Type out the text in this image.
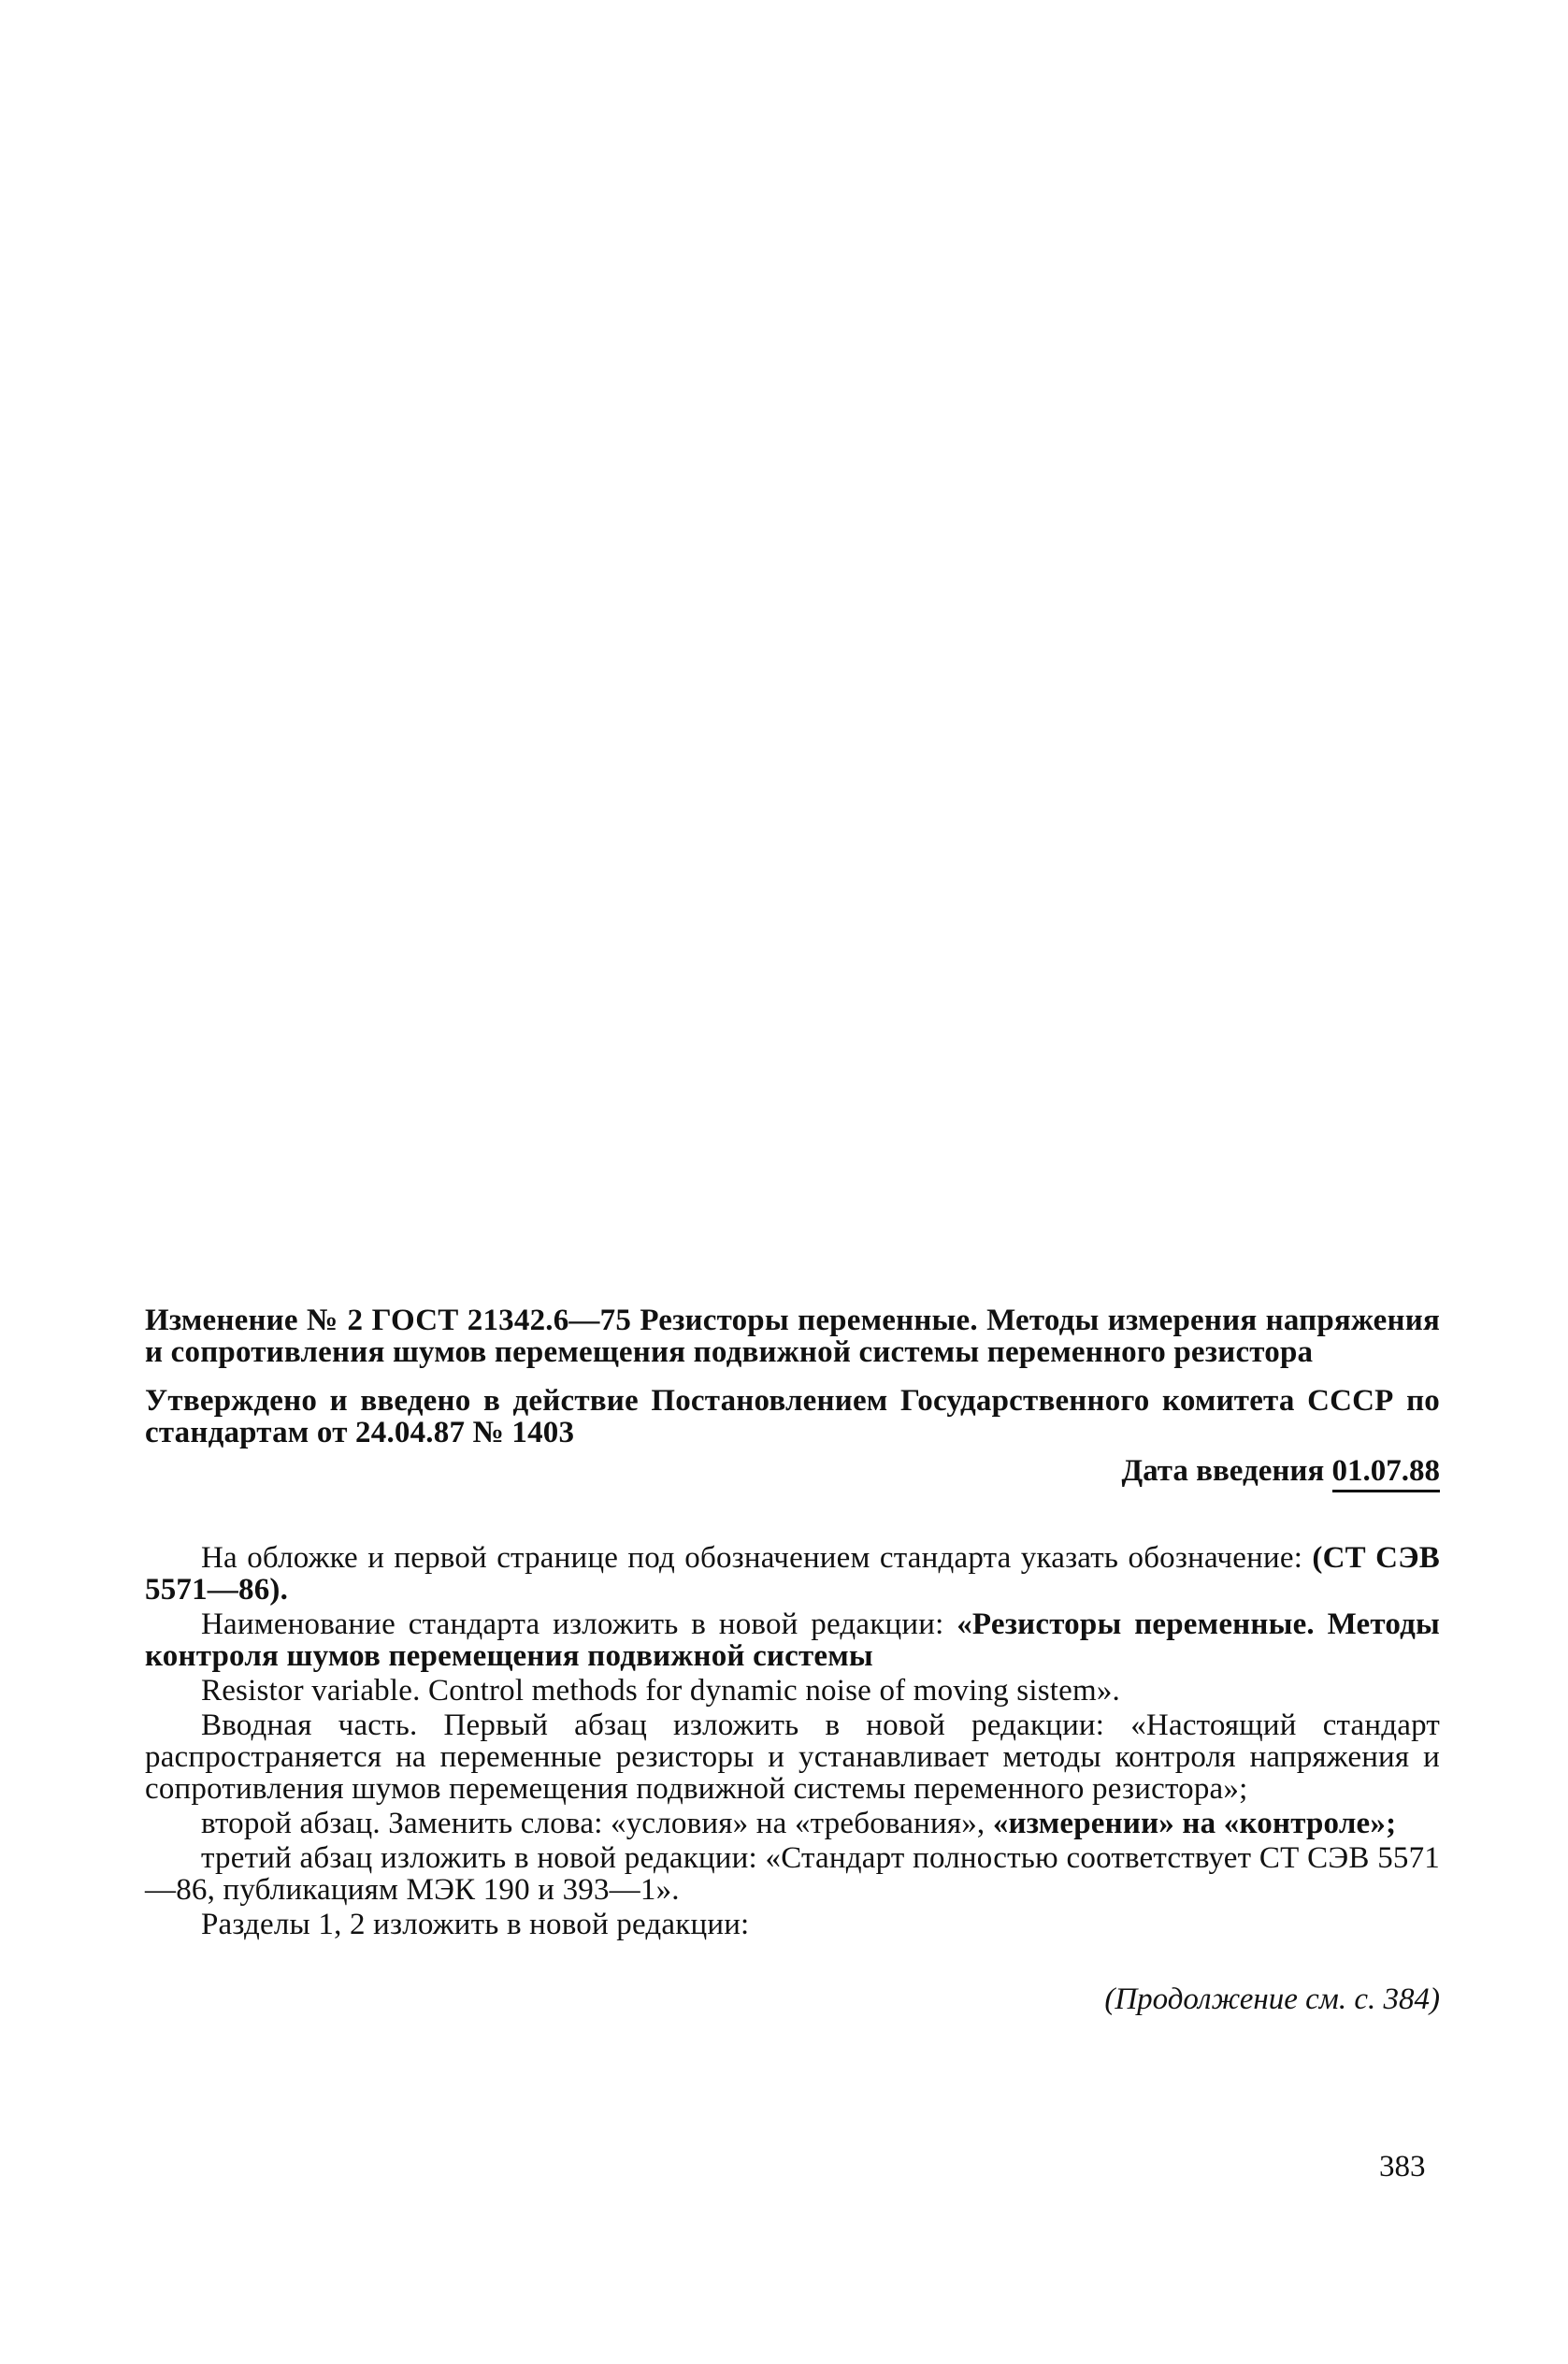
Изменение № 2 ГОСТ 21342.6—75 Резисторы переменные. Методы измерения напряжения и сопротивления шумов перемещения подвижной системы переменного резистора

Утверждено и введено в действие Постановлением Государственного комитета СССР по стандартам от 24.04.87 № 1403

Дата введения 01.07.88

На обложке и первой странице под обозначением стандарта указать обозначение: (СТ СЭВ 5571—86).

Наименование стандарта изложить в новой редакции: «Резисторы переменные. Методы контроля шумов перемещения подвижной системы

Resistor variable. Control methods for dynamic noise of moving sistem».

Вводная часть. Первый абзац изложить в новой редакции: «Настоящий стандарт распространяется на переменные резисторы и устанавливает методы контроля напряжения и сопротивления шумов перемещения подвижной системы переменного резистора»;

второй абзац. Заменить слова: «условия» на «требования», «измерении» на «контроле»;

третий абзац изложить в новой редакции: «Стандарт полностью соответствует СТ СЭВ 5571—86, публикациям МЭК 190 и 393—1».

Разделы 1, 2 изложить в новой редакции:

(Продолжение см. с. 384)
383
